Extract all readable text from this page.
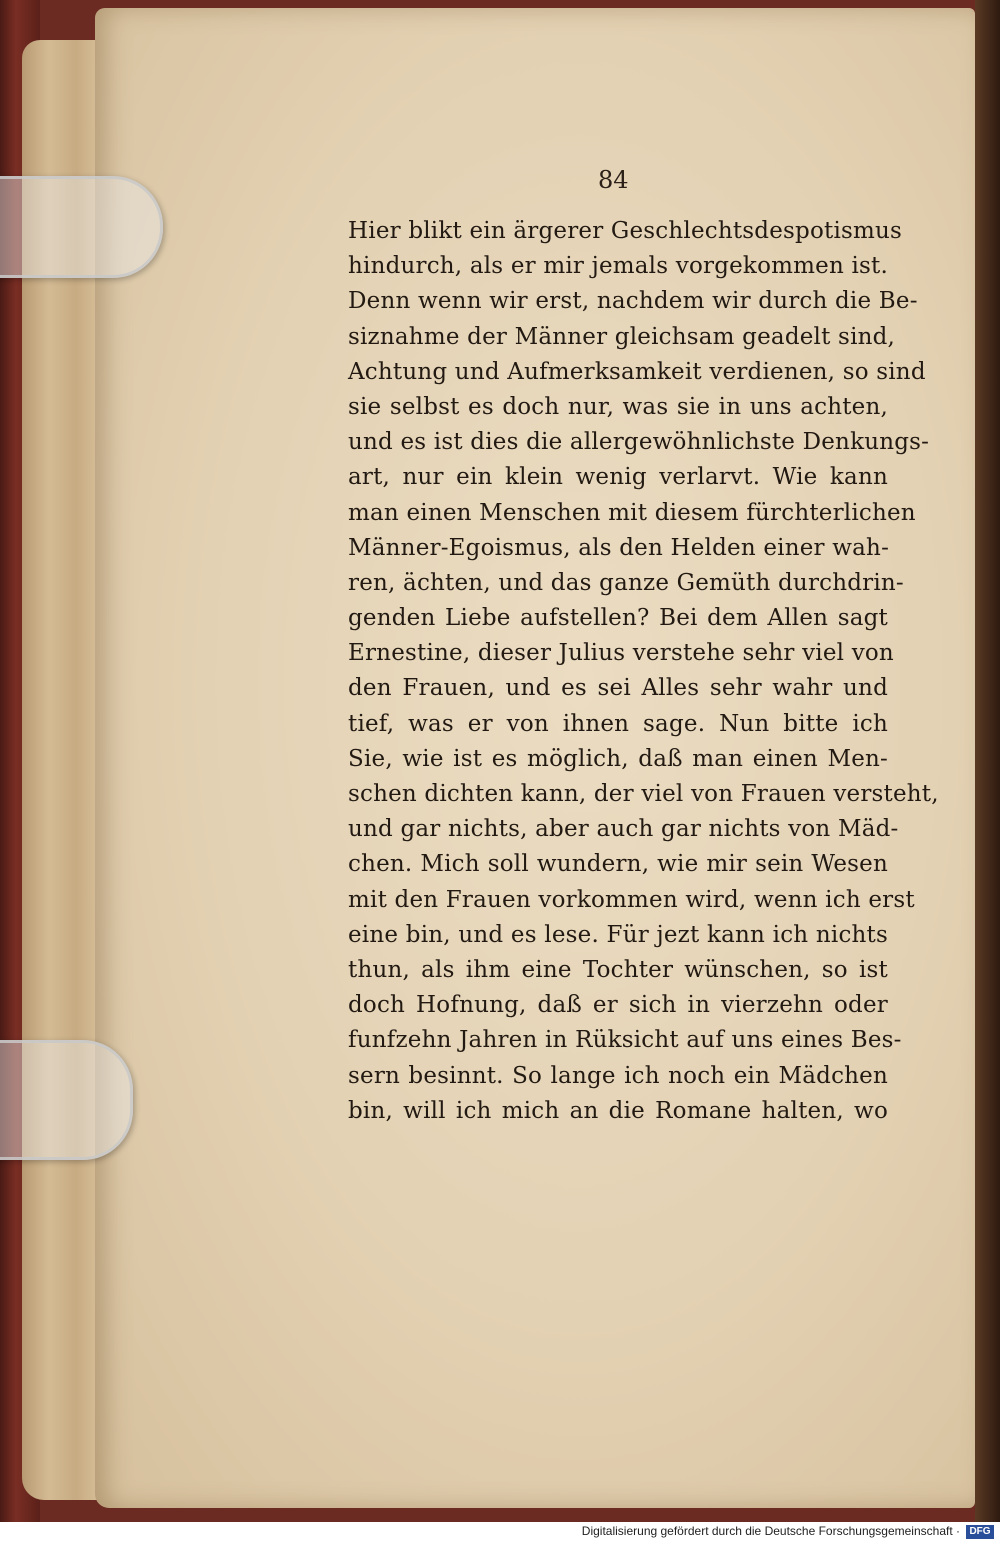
84
Hier blikt ein ärgerer Geschlechtsdespotismus
hindurch, als er mir jemals vorgekommen ist.
Denn wenn wir erst, nachdem wir durch die Be-
siznahme der Männer gleichsam geadelt sind,
Achtung und Aufmerksamkeit verdienen, so sind
sie selbst es doch nur, was sie in uns achten,
und es ist dies die allergewöhnlichste Denkungs-
art, nur ein klein wenig verlarvt. Wie kann
man einen Menschen mit diesem fürchterlichen
Männer-Egoismus, als den Helden einer wah-
ren, ächten, und das ganze Gemüth durchdrin-
genden Liebe aufstellen? Bei dem Allen sagt
Ernestine, dieser Julius verstehe sehr viel von
den Frauen, und es sei Alles sehr wahr und
tief, was er von ihnen sage. Nun bitte ich
Sie, wie ist es möglich, daß man einen Men-
schen dichten kann, der viel von Frauen versteht,
und gar nichts, aber auch gar nichts von Mäd-
chen. Mich soll wundern, wie mir sein Wesen
mit den Frauen vorkommen wird, wenn ich erst
eine bin, und es lese. Für jezt kann ich nichts
thun, als ihm eine Tochter wünschen, so ist
doch Hofnung, daß er sich in vierzehn oder
funfzehn Jahren in Rüksicht auf uns eines Bes-
sern besinnt. So lange ich noch ein Mädchen
bin, will ich mich an die Romane halten, wo
Digitalisierung gefördert durch die Deutsche Forschungsgemeinschaft · DFG
